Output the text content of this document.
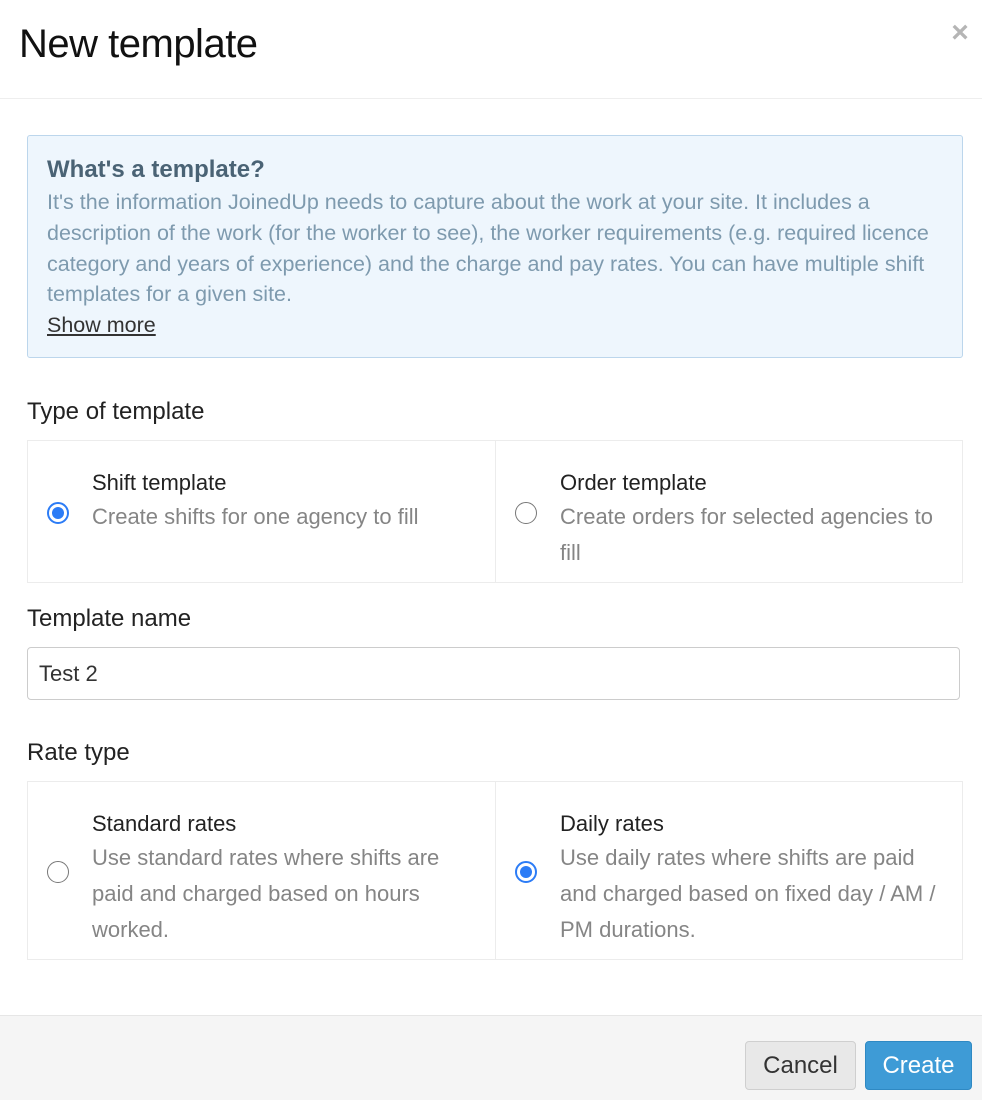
New template	×
What's a template?
It's the information JoinedUp needs to capture about the work at your site. It includes a description of the work (for the worker to see), the worker requirements (e.g. required licence category and years of experience) and the charge and pay rates. You can have multiple shift templates for a given site.
Show more
Type of template
Shift template
Create shifts for one agency to fill
Order template
Create orders for selected agencies to fill
Template name
Test 2
Rate type
Standard rates
Use standard rates where shifts are paid and charged based on hours worked.
Daily rates
Use daily rates where shifts are paid and charged based on fixed day / AM / PM durations.
Cancel	Create
